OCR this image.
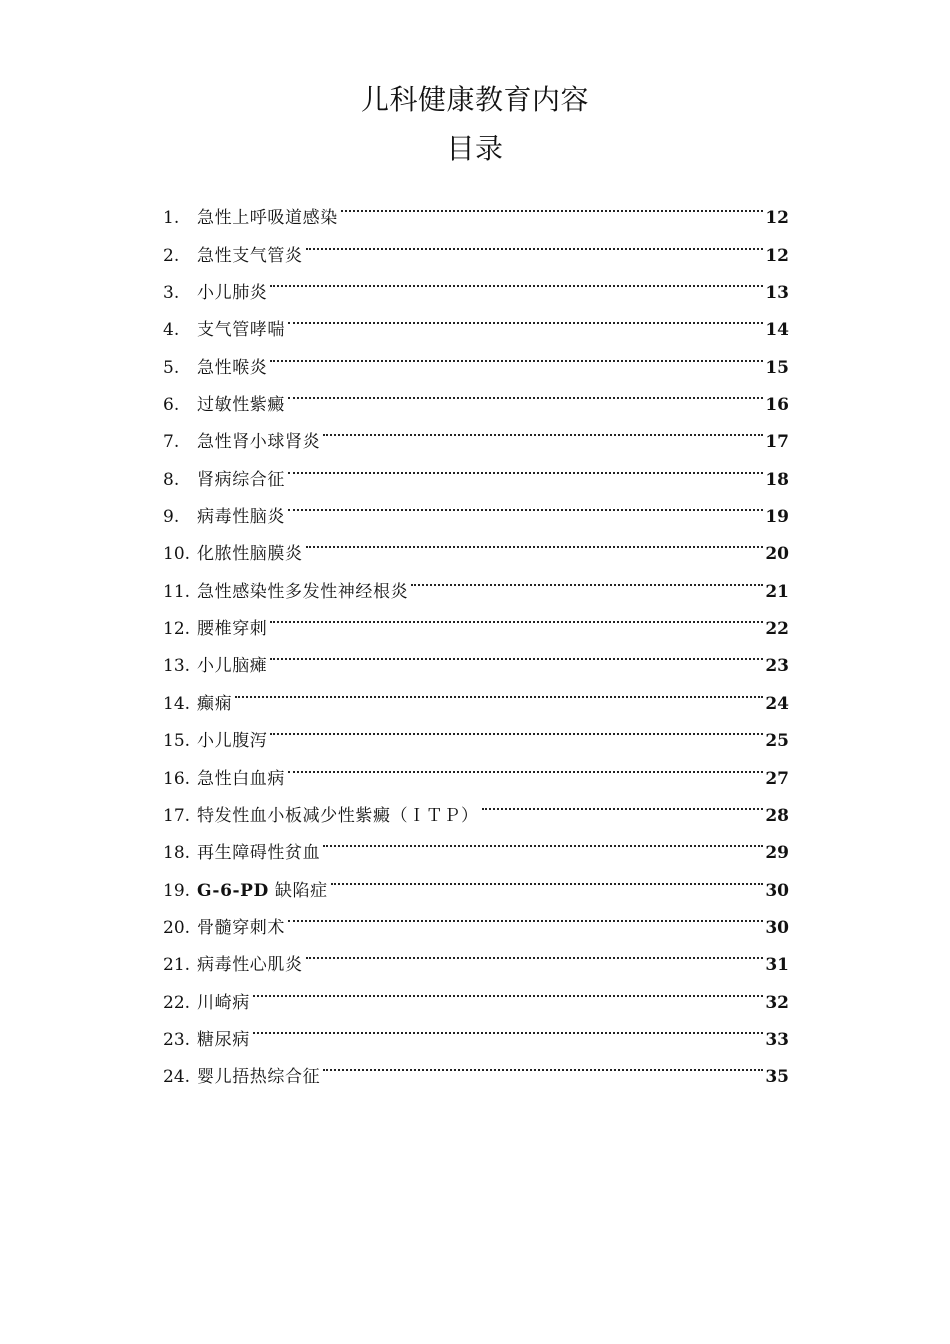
儿科健康教育内容
目录
1.	急性上呼吸道感染	12
2.	急性支气管炎	12
3.	小儿肺炎	13
4.	支气管哮喘	14
5.	急性喉炎	15
6.	过敏性紫癜	16
7.	急性肾小球肾炎	17
8.	肾病综合征	18
9.	病毒性脑炎	19
10. 化脓性脑膜炎	20
11. 急性感染性多发性神经根炎	21
12. 腰椎穿刺	22
13. 小儿脑瘫	23
14. 癫痫	24
15. 小儿腹泻	25
16. 急性白血病	27
17. 特发性血小板减少性紫癜（ＩＴＰ）	28
18. 再生障碍性贫血	29
19. G-6-PD 缺陷症	30
20. 骨髓穿刺术	30
21. 病毒性心肌炎	31
22. 川崎病	32
23. 糖尿病	33
24. 婴儿捂热综合征	35
